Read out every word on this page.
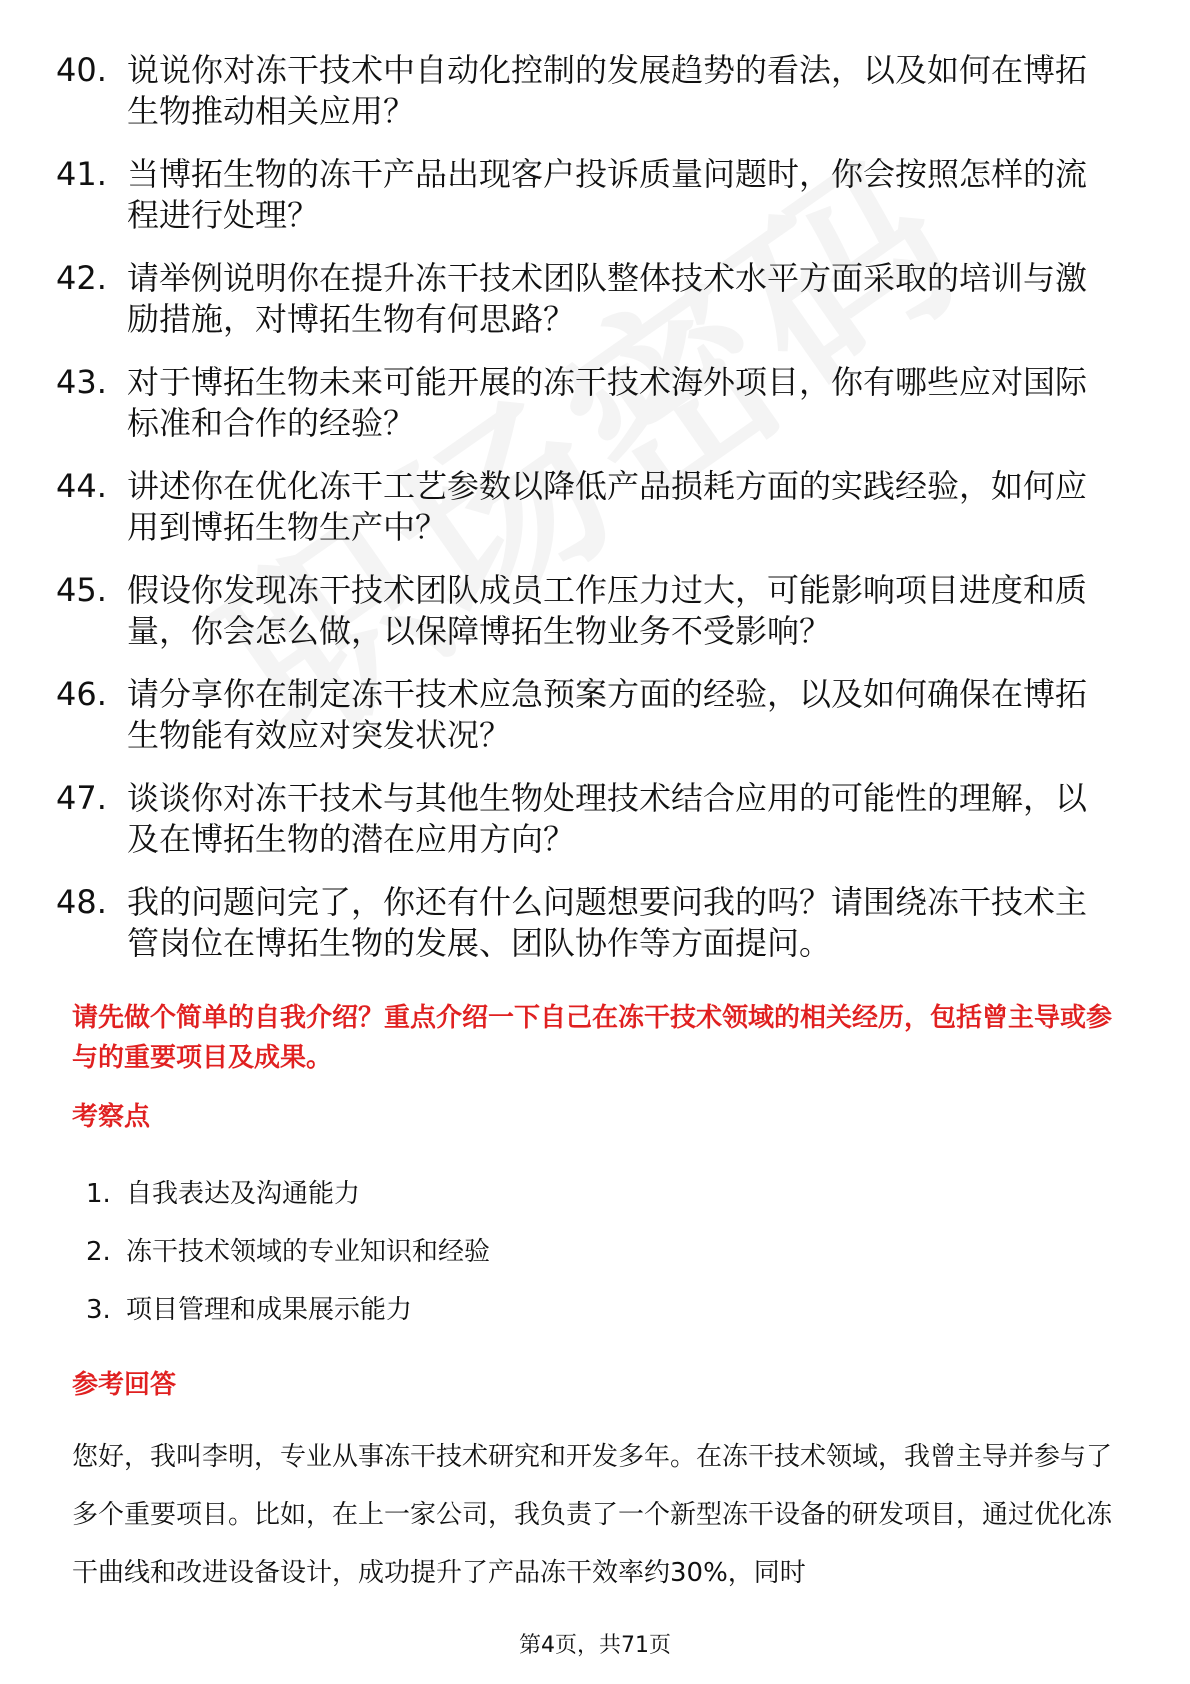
40. 说说你对冻干技术中自动化控制的发展趋势的看法，以及如何在博拓生物推动相关应用？
41. 当博拓生物的冻干产品出现客户投诉质量问题时，你会按照怎样的流程进行处理？
42. 请举例说明你在提升冻干技术团队整体技术水平方面采取的培训与激励措施，对博拓生物有何思路？
43. 对于博拓生物未来可能开展的冻干技术海外项目，你有哪些应对国际标准和合作的经验？
44. 讲述你在优化冻干工艺参数以降低产品损耗方面的实践经验，如何应用到博拓生物生产中？
45. 假设你发现冻干技术团队成员工作压力过大，可能影响项目进度和质量，你会怎么做，以保障博拓生物业务不受影响？
46. 请分享你在制定冻干技术应急预案方面的经验，以及如何确保在博拓生物能有效应对突发状况？
47. 谈谈你对冻干技术与其他生物处理技术结合应用的可能性的理解，以及在博拓生物的潜在应用方向？
48. 我的问题问完了，你还有什么问题想要问我的吗？请围绕冻干技术主管岗位在博拓生物的发展、团队协作等方面提问。
请先做个简单的自我介绍？重点介绍一下自己在冻干技术领域的相关经历，包括曾主导或参与的重要项目及成果。
考察点
1. 自我表达及沟通能力
2. 冻干技术领域的专业知识和经验
3. 项目管理和成果展示能力
参考回答
您好，我叫李明，专业从事冻干技术研究和开发多年。在冻干技术领域，我曾主导并参与了多个重要项目。比如，在上一家公司，我负责了一个新型冻干设备的研发项目，通过优化冻干曲线和改进设备设计，成功提升了产品冻干效率约30%，同时
第4页，共71页
